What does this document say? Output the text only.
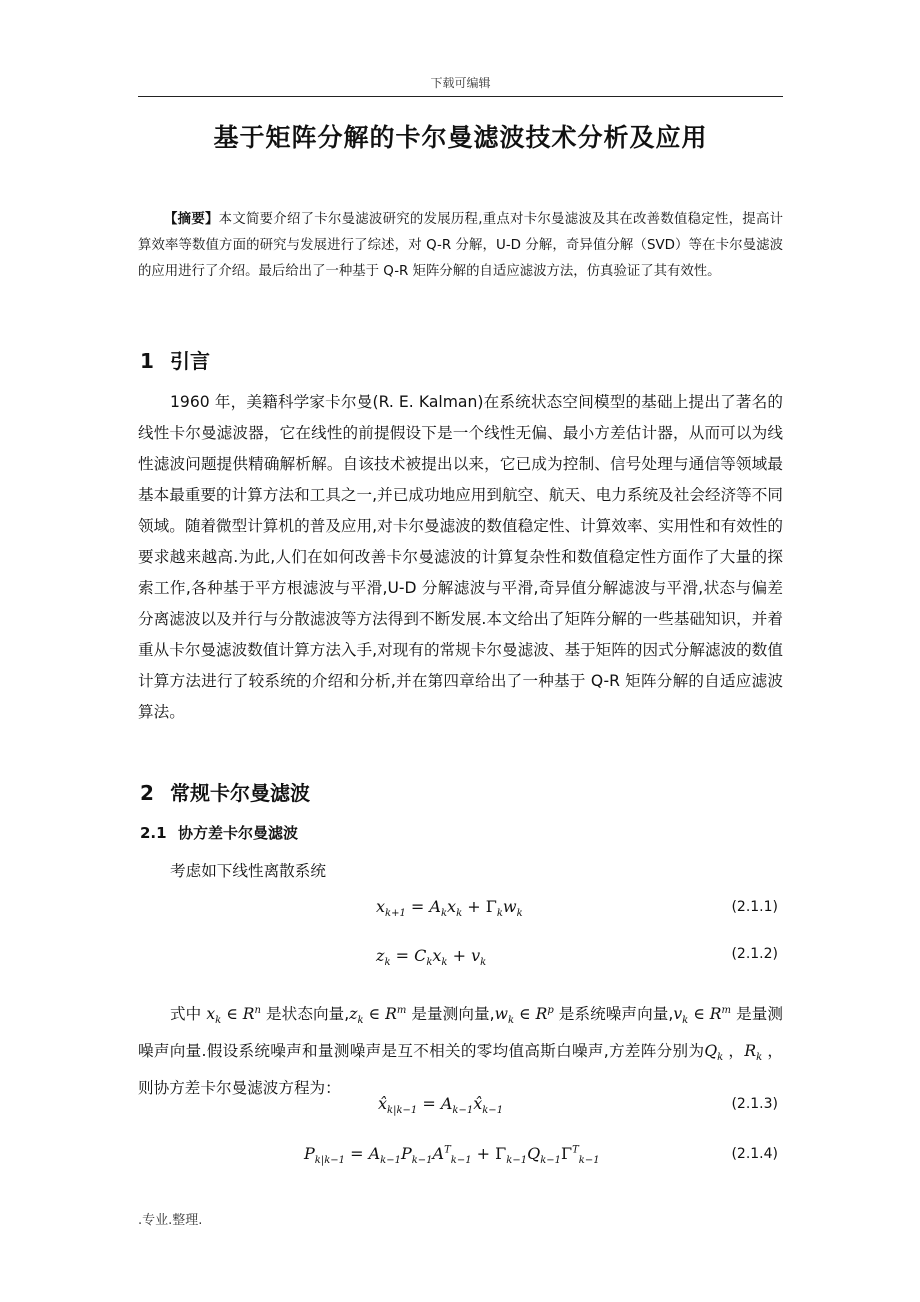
下载可编辑
基于矩阵分解的卡尔曼滤波技术分析及应用
【摘要】本文简要介绍了卡尔曼滤波研究的发展历程,重点对卡尔曼滤波及其在改善数值稳定性，提高计算效率等数值方面的研究与发展进行了综述，对 Q-R 分解，U-D 分解，奇异值分解（SVD）等在卡尔曼滤波的应用进行了介绍。最后给出了一种基于 Q-R 矩阵分解的自适应滤波方法，仿真验证了其有效性。
1 引言
1960 年，美籍科学家卡尔曼(R. E. Kalman)在系统状态空间模型的基础上提出了著名的线性卡尔曼滤波器，它在线性的前提假设下是一个线性无偏、最小方差估计器，从而可以为线性滤波问题提供精确解析解。自该技术被提出以来，它已成为控制、信号处理与通信等领域最基本最重要的计算方法和工具之一,并已成功地应用到航空、航天、电力系统及社会经济等不同领域。随着微型计算机的普及应用,对卡尔曼滤波的数值稳定性、计算效率、实用性和有效性的要求越来越高.为此,人们在如何改善卡尔曼滤波的计算复杂性和数值稳定性方面作了大量的探索工作,各种基于平方根滤波与平滑,U-D 分解滤波与平滑,奇异值分解滤波与平滑,状态与偏差分离滤波以及并行与分散滤波等方法得到不断发展.本文给出了矩阵分解的一些基础知识，并着重从卡尔曼滤波数值计算方法入手,对现有的常规卡尔曼滤波、基于矩阵的因式分解滤波的数值计算方法进行了较系统的介绍和分析,并在第四章给出了一种基于 Q-R 矩阵分解的自适应滤波算法。
2 常规卡尔曼滤波
2.1 协方差卡尔曼滤波
考虑如下线性离散系统
$x_{k+1} = A_kx_k + \Gamma_kw_k$	(2.1.1)
$z_k = C_kx_k + v_k$
(2.1.2)
式中 $x_k$ ∈ $R^n$ 是状态向量$,z_k$ ∈ $R^m$ 是量测向量$,w_k$ ∈ $R^p$ 是系统噪声向量$,v_k$ ∈ $R^m$ 是量测噪声向量.假设系统噪声和量测噪声是互不相关的零均值高斯白噪声,方差阵分别为$Q_k$ ，$R_k$ ，则协方差卡尔曼滤波方程为：
$x̂_{k|k-1}$ = $A_{k-1}x̂_{k-1}$	(2.1.3)
$P_{k|k-1} = A_{k-1}P_{k-1}A^T_{k-1} + \Gamma_{k-1}Q_{k-1}\Gamma^T_{k-1}$	(2.1.4)
.专业.整理.
